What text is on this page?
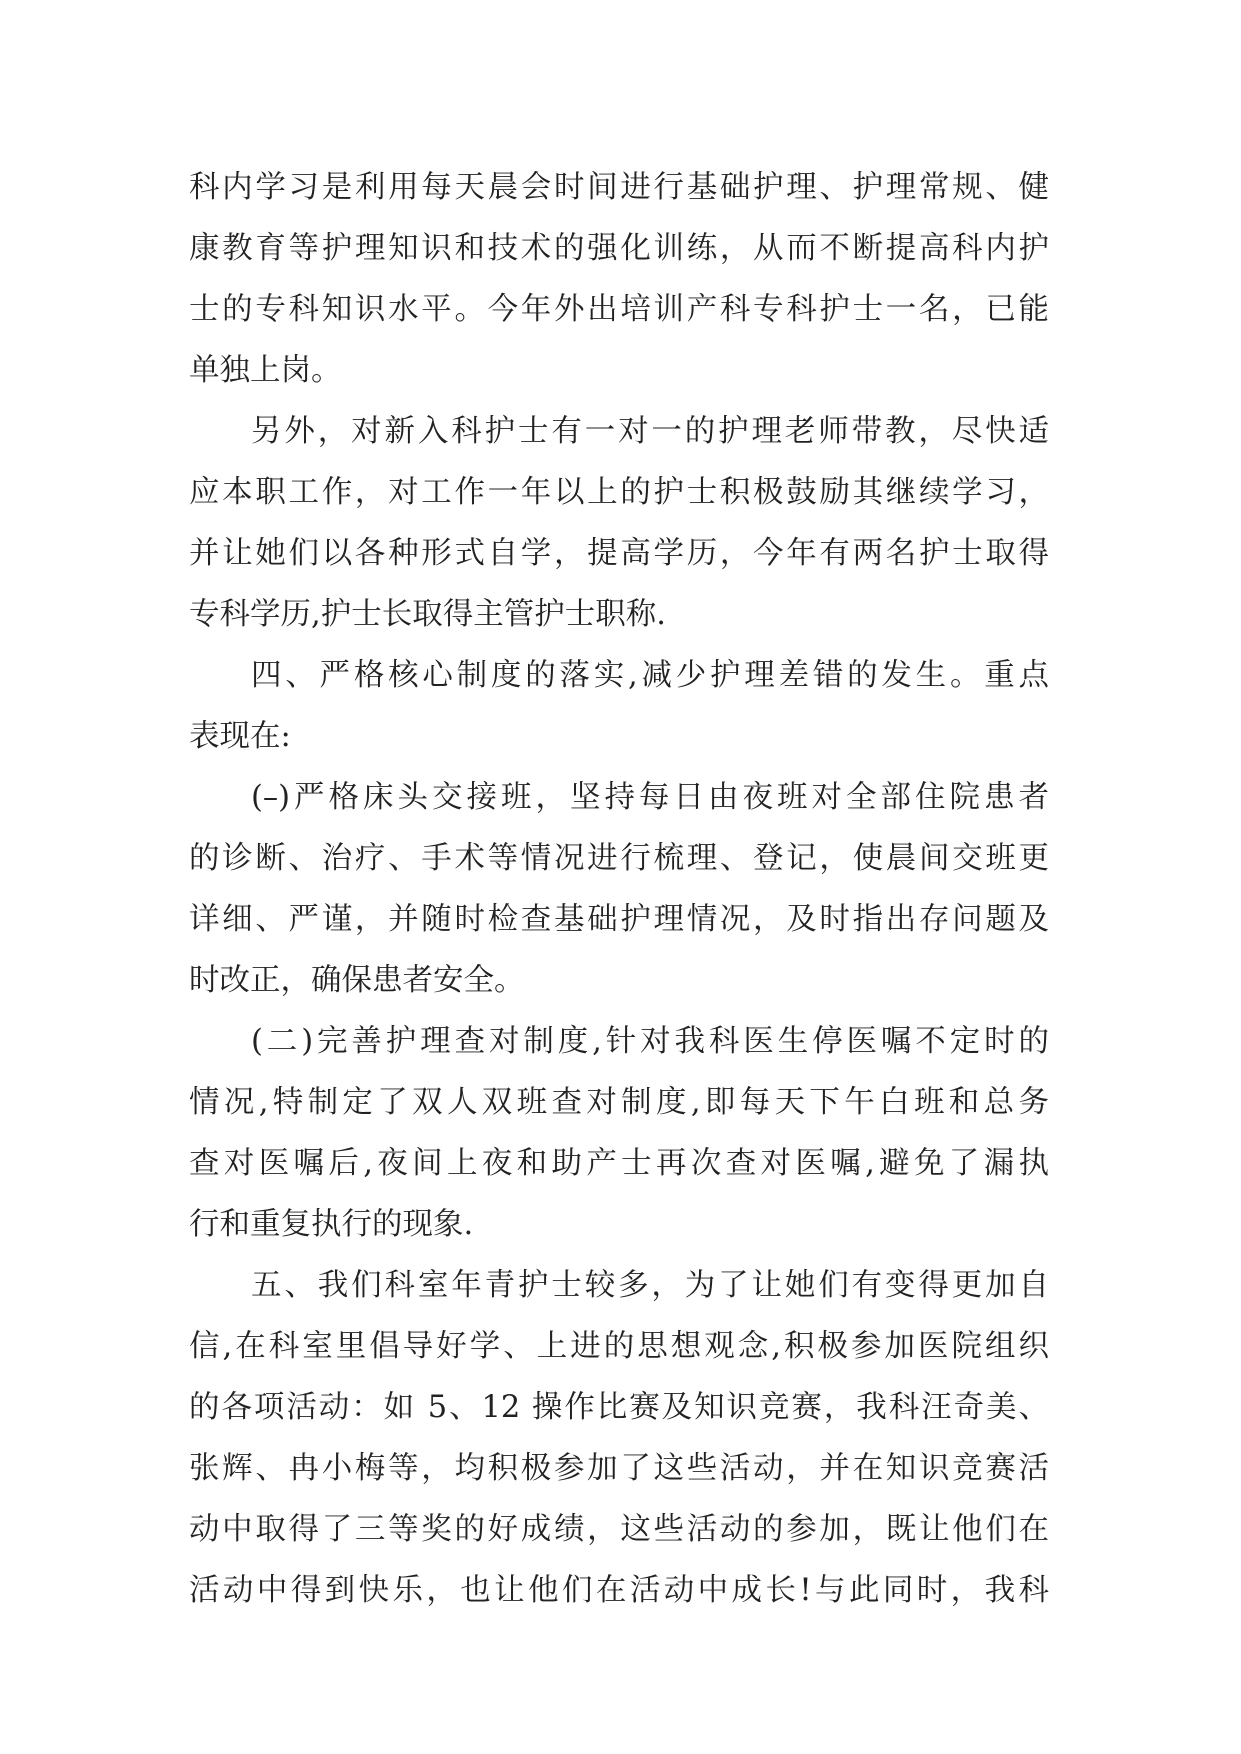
科内学习是利用每天晨会时间进行基础护理、护理常规、健
康教育等护理知识和技术的强化训练，从而不断提高科内护
士的专科知识水平。今年外出培训产科专科护士一名，已能
单独上岗。
另外，对新入科护士有一对一的护理老师带教，尽快适
应本职工作，对工作一年以上的护士积极鼓励其继续学习，
并让她们以各种形式自学，提高学历，今年有两名护士取得
专科学历,护士长取得主管护士职称.
四、严格核心制度的落实,减少护理差错的发生。重点
表现在:
(–)严格床头交接班，坚持每日由夜班对全部住院患者
的诊断、治疗、手术等情况进行梳理、登记，使晨间交班更
详细、严谨，并随时检查基础护理情况，及时指出存问题及
时改正，确保患者安全。
(二)完善护理查对制度,针对我科医生停医嘱不定时的
情况,特制定了双人双班查对制度,即每天下午白班和总务
查对医嘱后,夜间上夜和助产士再次查对医嘱,避免了漏执
行和重复执行的现象.
五、我们科室年青护士较多，为了让她们有变得更加自
信,在科室里倡导好学、上进的思想观念,积极参加医院组织
的各项活动：如 5、12 操作比赛及知识竞赛，我科汪奇美、
张辉、冉小梅等，均积极参加了这些活动，并在知识竞赛活
动中取得了三等奖的好成绩，这些活动的参加，既让他们在
活动中得到快乐，也让他们在活动中成长!与此同时，我科
